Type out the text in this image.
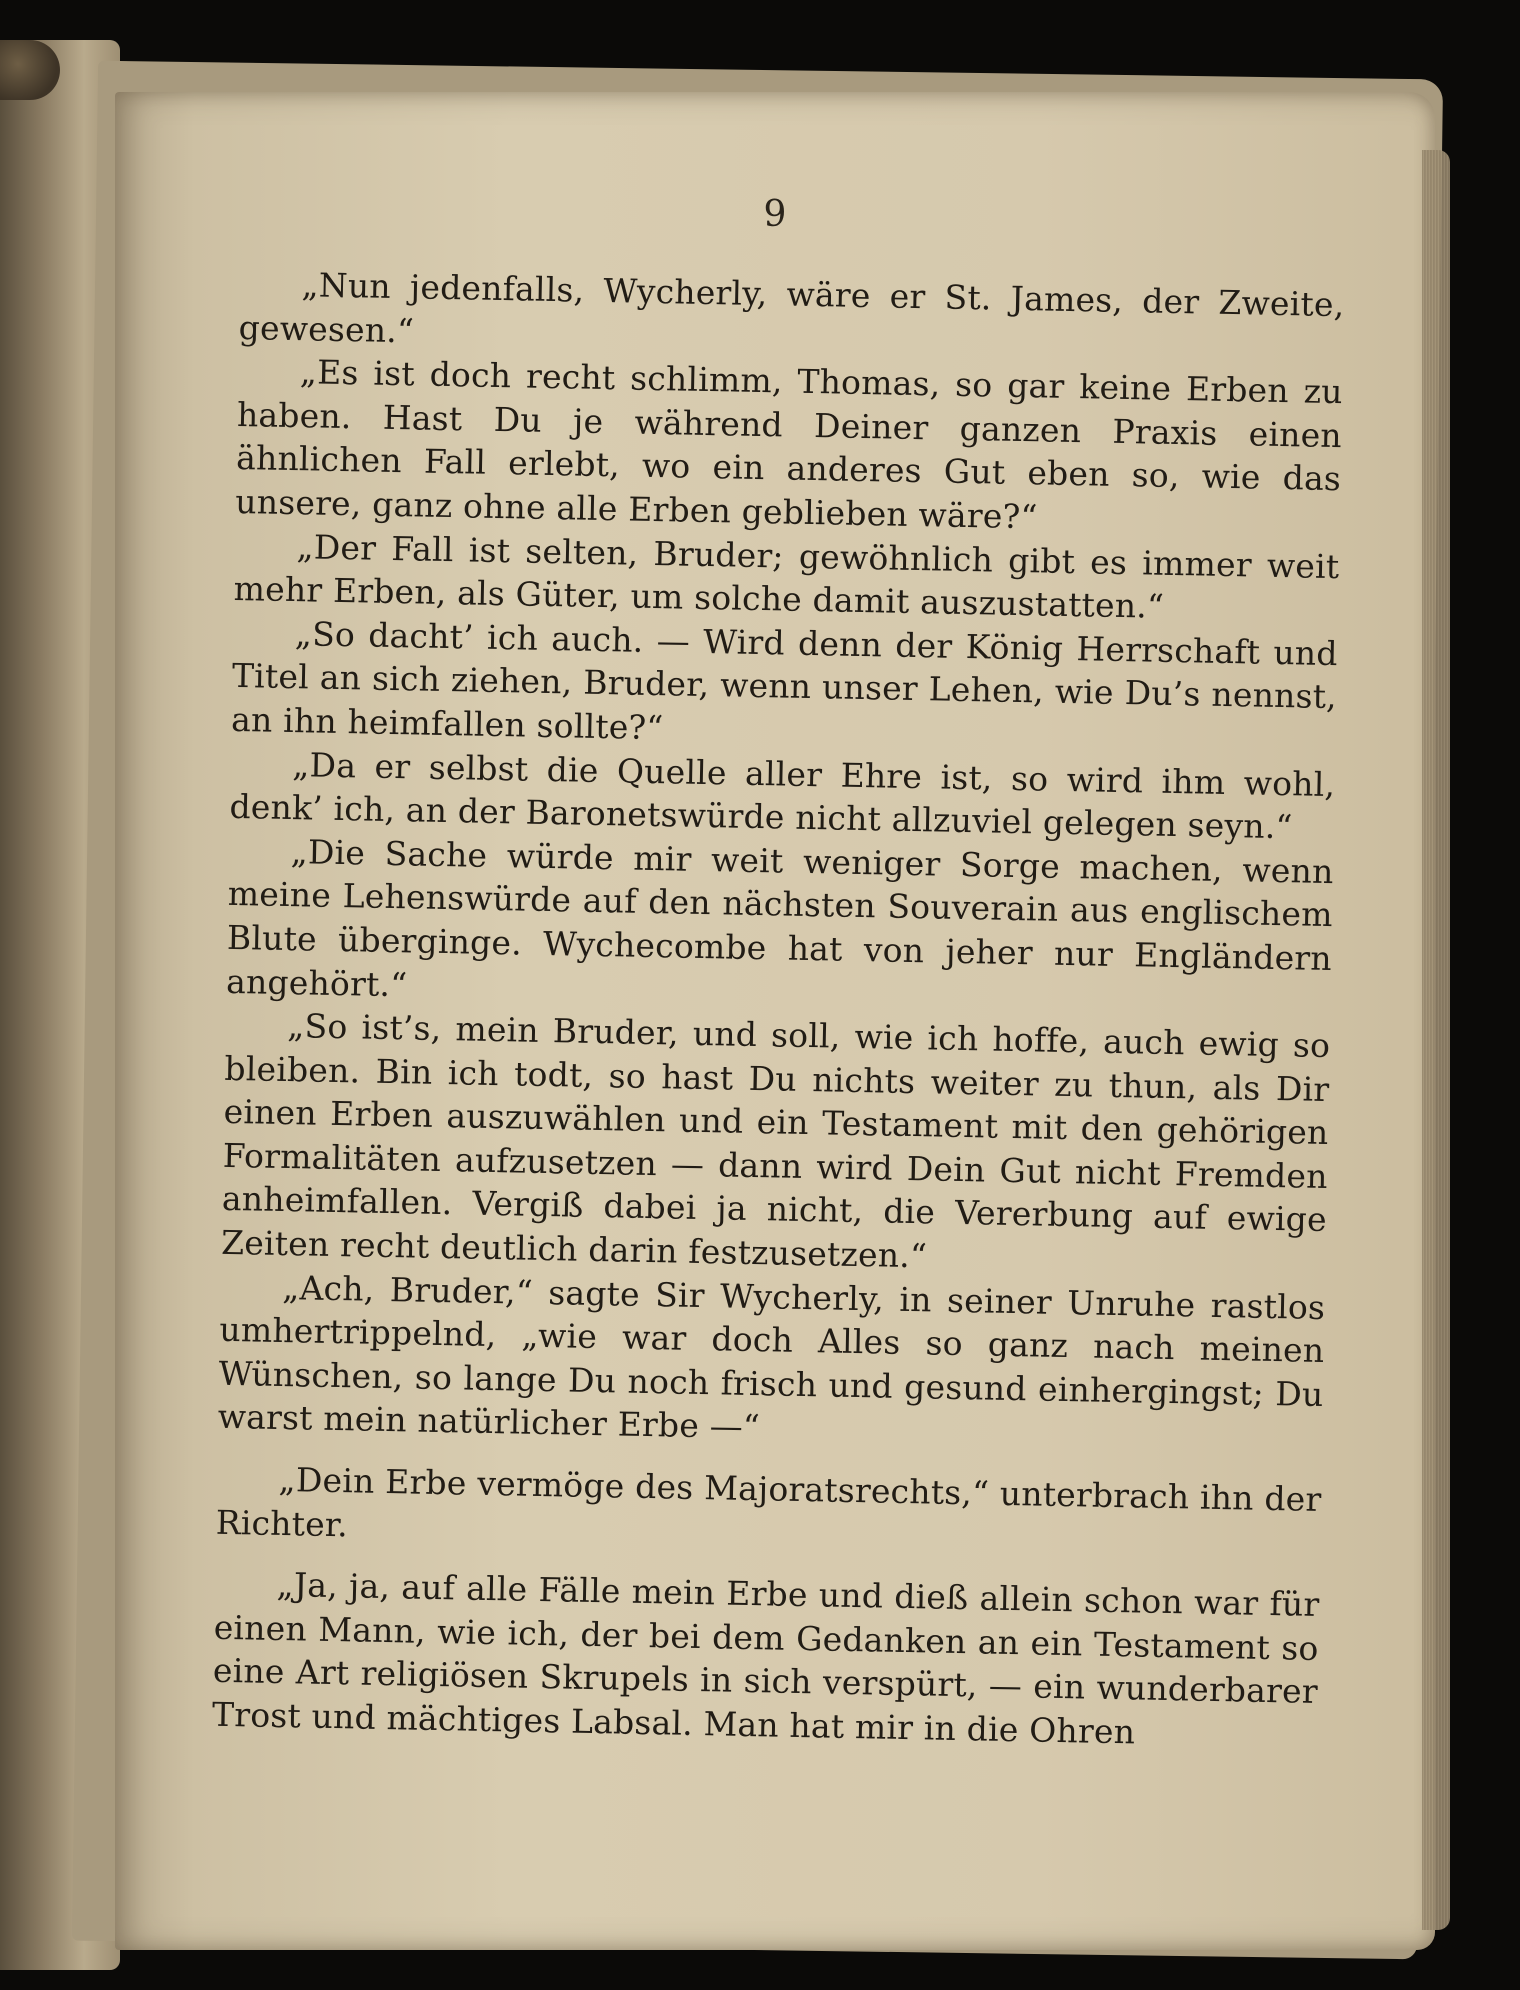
9

„Nun jedenfalls, Wycherly, wäre er St. James, der Zweite, gewesen.“

„Es ist doch recht schlimm, Thomas, so gar keine Erben zu haben. Hast Du je während Deiner ganzen Praxis einen ähnlichen Fall erlebt, wo ein anderes Gut eben so, wie das unsere, ganz ohne alle Erben geblieben wäre?“

„Der Fall ist selten, Bruder; gewöhnlich gibt es immer weit mehr Erben, als Güter, um solche damit auszustatten.“

„So dacht’ ich auch. — Wird denn der König Herrschaft und Titel an sich ziehen, Bruder, wenn unser Lehen, wie Du’s nennst, an ihn heimfallen sollte?“

„Da er selbst die Quelle aller Ehre ist, so wird ihm wohl, denk’ ich, an der Baronetswürde nicht allzuviel gelegen seyn.“

„Die Sache würde mir weit weniger Sorge machen, wenn meine Lehenswürde auf den nächsten Souverain aus englischem Blute überginge. Wychecombe hat von jeher nur Engländern angehört.“

„So ist’s, mein Bruder, und soll, wie ich hoffe, auch ewig so bleiben. Bin ich todt, so hast Du nichts weiter zu thun, als Dir einen Erben auszuwählen und ein Testament mit den gehörigen Formalitäten aufzusetzen — dann wird Dein Gut nicht Fremden anheimfallen. Vergiß dabei ja nicht, die Vererbung auf ewige Zeiten recht deutlich darin festzusetzen.“

„Ach, Bruder,“ sagte Sir Wycherly, in seiner Unruhe rastlos umhertrippelnd, „wie war doch Alles so ganz nach meinen Wünschen, so lange Du noch frisch und gesund einhergingst; Du warst mein natürlicher Erbe —“

„Dein Erbe vermöge des Majoratsrechts,“ unterbrach ihn der Richter.

„Ja, ja, auf alle Fälle mein Erbe und dieß allein schon war für einen Mann, wie ich, der bei dem Gedanken an ein Testament so eine Art religiösen Skrupels in sich verspürt, — ein wunderbarer Trost und mächtiges Labsal. Man hat mir in die Ohren
